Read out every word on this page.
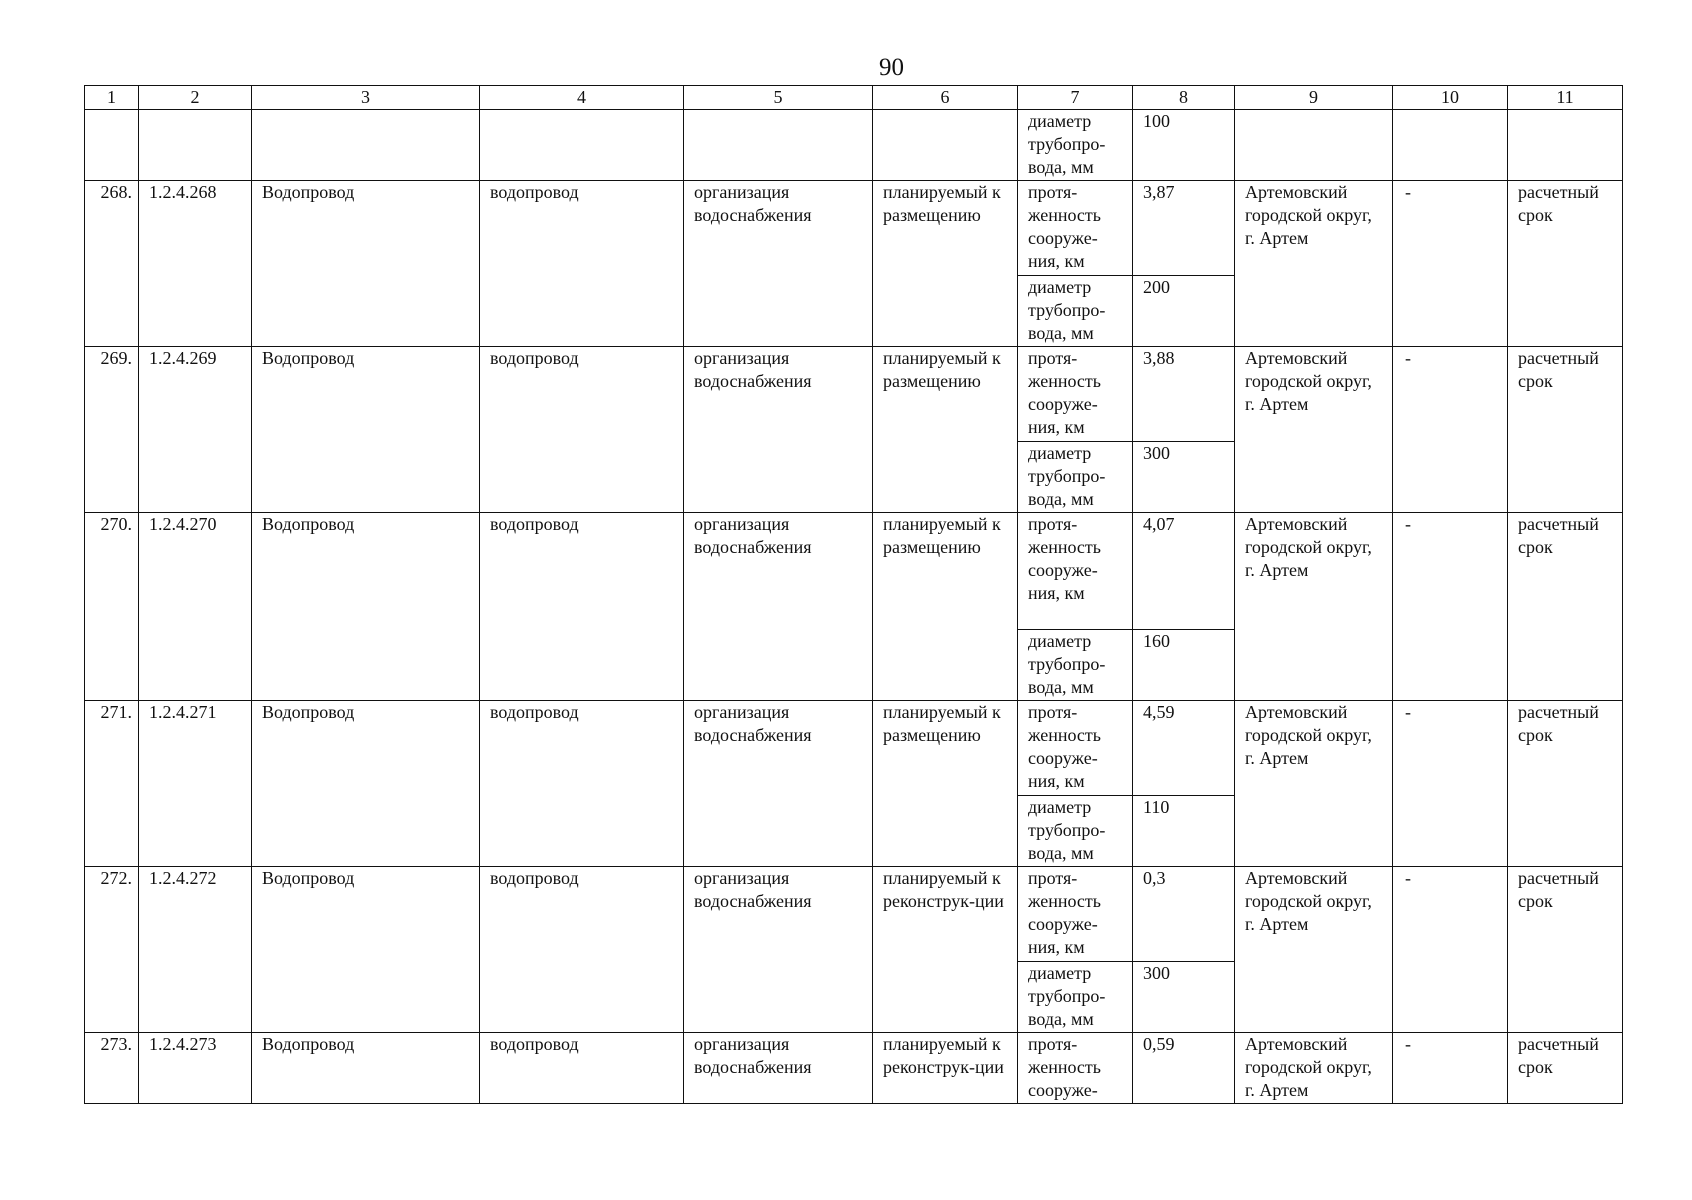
90
1	2	3	4	5	6	7	8	9	10	11
						диаметр трубопро-вода, мм	100			
268.	1.2.4.268	Водопровод	водопровод	организация водоснабжения	планируемый к размещению	протя-женность сооруже-ния, км	3,87	Артемовский городской округ, г. Артем	-	расчетный срок
						диаметр трубопро-вода, мм	200			
269.	1.2.4.269	Водопровод	водопровод	организация водоснабжения	планируемый к размещению	протя-женность сооруже-ния, км	3,88	Артемовский городской округ, г. Артем	-	расчетный срок
						диаметр трубопро-вода, мм	300			
270.	1.2.4.270	Водопровод	водопровод	организация водоснабжения	планируемый к размещению	протя-женность сооруже-ния, км	4,07	Артемовский городской округ, г. Артем	-	расчетный срок
						диаметр трубопро-вода, мм	160			
271.	1.2.4.271	Водопровод	водопровод	организация водоснабжения	планируемый к размещению	протя-женность сооруже-ния, км	4,59	Артемовский городской округ, г. Артем	-	расчетный срок
						диаметр трубопро-вода, мм	110			
272.	1.2.4.272	Водопровод	водопровод	организация водоснабжения	планируемый к реконструк-ции	протя-женность сооруже-ния, км	0,3	Артемовский городской округ, г. Артем	-	расчетный срок
						диаметр трубопро-вода, мм	300			
273.	1.2.4.273	Водопровод	водопровод	организация водоснабжения	планируемый к реконструк-ции	протя-женность сооруже-	0,59	Артемовский городской округ, г. Артем	-	расчетный срок
